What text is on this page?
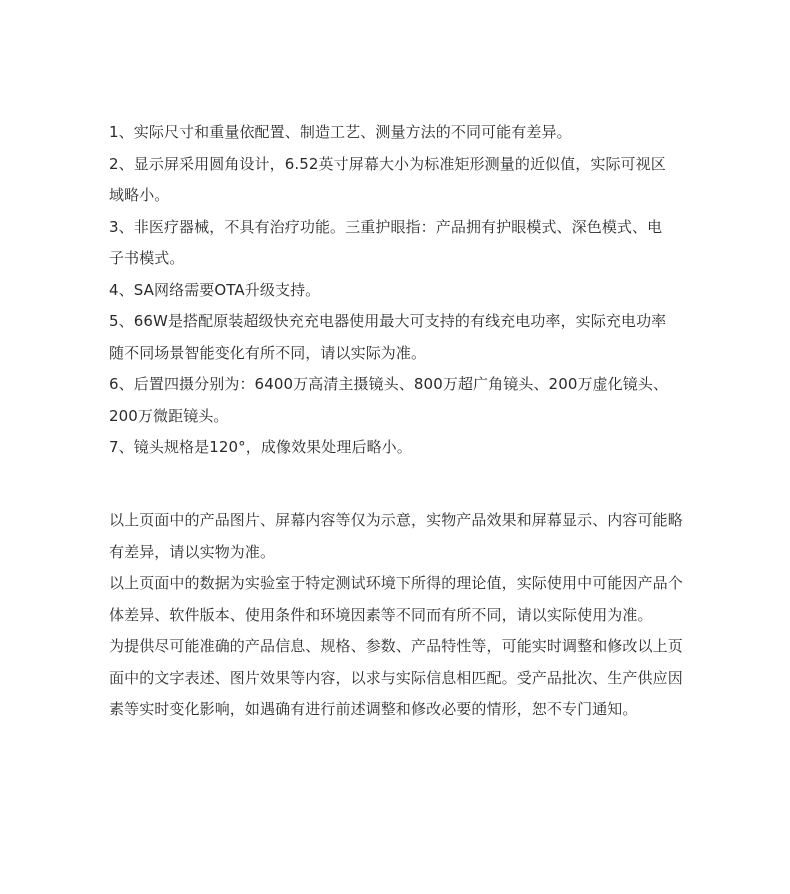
1、实际尺寸和重量依配置、制造工艺、测量方法的不同可能有差异。
2、显示屏采用圆角设计，6.52英寸屏幕大小为标准矩形测量的近似值，实际可视区
域略小。
3、非医疗器械，不具有治疗功能。三重护眼指：产品拥有护眼模式、深色模式、电
子书模式。
4、SA网络需要OTA升级支持。
5、66W是搭配原装超级快充充电器使用最大可支持的有线充电功率，实际充电功率
随不同场景智能变化有所不同，请以实际为准。
6、后置四摄分别为：6400万高清主摄镜头、800万超广角镜头、200万虚化镜头、
200万微距镜头。
7、镜头规格是120°，成像效果处理后略小。
以上页面中的产品图片、屏幕内容等仅为示意，实物产品效果和屏幕显示、内容可能略
有差异，请以实物为准。
以上页面中的数据为实验室于特定测试环境下所得的理论值，实际使用中可能因产品个
体差异、软件版本、使用条件和环境因素等不同而有所不同，请以实际使用为准。
为提供尽可能准确的产品信息、规格、参数、产品特性等，可能实时调整和修改以上页
面中的文字表述、图片效果等内容，以求与实际信息相匹配。受产品批次、生产供应因
素等实时变化影响，如遇确有进行前述调整和修改必要的情形，恕不专门通知。
